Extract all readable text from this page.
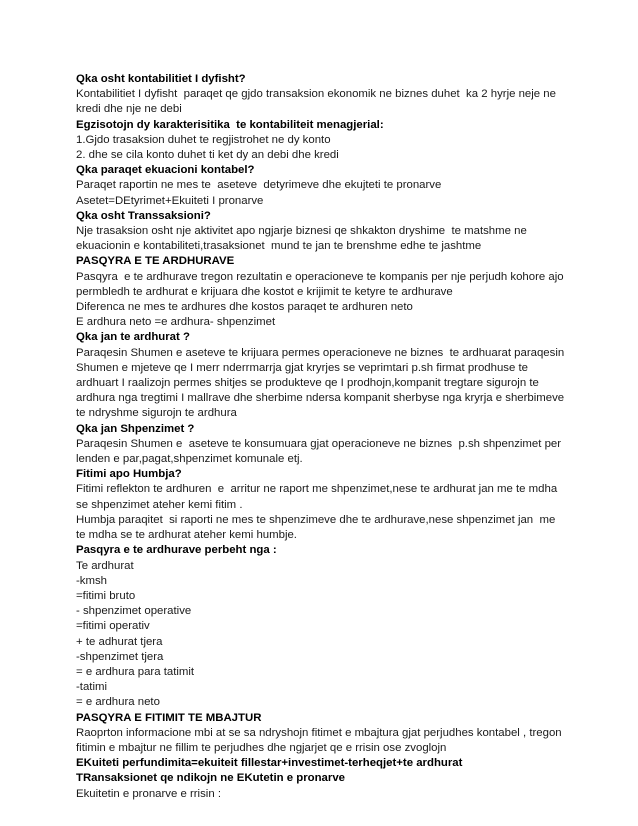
Qka osht kontabilitiet I dyfisht?
Kontabilitiet I dyfisht  paraqet qe gjdo transaksion ekonomik ne biznes duhet  ka 2 hyrje neje ne kredi dhe nje ne debi
Egzisotojn dy karakterisitika  te kontabiliteit menagjerial:
1.Gjdo trasaksion duhet te regjistrohet ne dy konto
2. dhe se cila konto duhet ti ket dy an debi dhe kredi
Qka paraqet ekuacioni kontabel?
Paraqet raportin ne mes te  aseteve  detyrimeve dhe ekujteti te pronarve
Asetet=DEtyrimet+Ekuiteti I pronarve
Qka osht Transsaksioni?
Nje trasaksion osht nje aktivitet apo ngjarje biznesi qe shkakton dryshime  te matshme ne ekuacionin e kontabiliteti,trasaksionet  mund te jan te brenshme edhe te jashtme
PASQYRA E TE ARDHURAVE
Pasqyra  e te ardhurave tregon rezultatin e operacioneve te kompanis per nje perjudh kohore ajo permbledh te ardhurat e krijuara dhe kostot e krijimit te ketyre te ardhurave
Diferenca ne mes te ardhures dhe kostos paraqet te ardhuren neto
E ardhura neto =e ardhura- shpenzimet
Qka jan te ardhurat ?
Paraqesin Shumen e aseteve te krijuara permes operacioneve ne biznes  te ardhuarat paraqesin Shumen e mjeteve qe I merr nderrmarrja gjat kryrjes se veprimtari p.sh firmat prodhuse te ardhuart I raalizojn permes shitjes se produkteve qe I prodhojn,kompanit tregtare sigurojn te ardhura nga tregtimi I mallrave dhe sherbime ndersa kompanit sherbyse nga kryrja e sherbimeve te ndryshme sigurojn te ardhura
Qka jan Shpenzimet ?
Paraqesin Shumen e  aseteve te konsumuara gjat operacioneve ne biznes  p.sh shpenzimet per lenden e par,pagat,shpenzimet komunale etj.
Fitimi apo Humbja?
Fitimi reflekton te ardhuren  e  arritur ne raport me shpenzimet,nese te ardhurat jan me te mdha se shpenzimet ateher kemi fitim .
Humbja paraqitet  si raporti ne mes te shpenzimeve dhe te ardhurave,nese shpenzimet jan  me te mdha se te ardhurat ateher kemi humbje.
Pasqyra e te ardhurave perbeht nga :
Te ardhurat
-kmsh
=fitimi bruto
- shpenzimet operative
=fitimi operativ
+ te adhurat tjera
-shpenzimet tjera
= e ardhura para tatimit
-tatimi
= e ardhura neto
PASQYRA E FITIMIT TE MBAJTUR
Raoprton informacione mbi at se sa ndryshojn fitimet e mbajtura gjat perjudhes kontabel , tregon fitimin e mbajtur ne fillim te perjudhes dhe ngjarjet qe e rrisin ose zvoglojn
EKuiteti perfundimita=ekuiteit fillestar+investimet-terheqjet+te ardhurat
TRansaksionet qe ndikojn ne EKutetin e pronarve
Ekuitetin e pronarve e rrisin :
